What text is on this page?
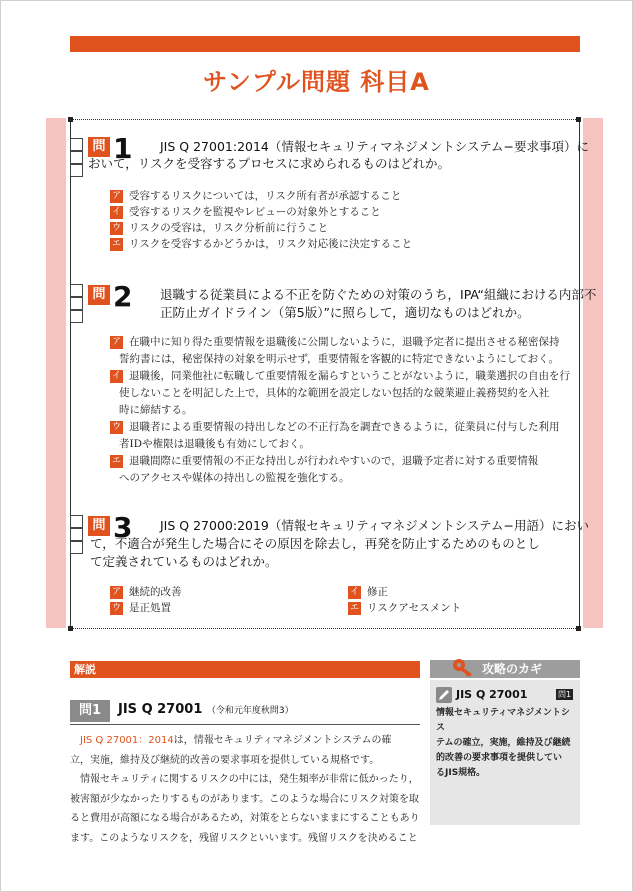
サンプル問題 科目A
問 1 JIS Q 27001:2014（情報セキュリティマネジメントシステム−要求事項）に
おいて，リスクを受容するプロセスに求められるものはどれか。
ア 受容するリスクについては，リスク所有者が承認すること
イ 受容するリスクを監視やレビューの対象外とすること
ウ リスクの受容は，リスク分析前に行うこと
エ リスクを受容するかどうかは，リスク対応後に決定すること
問 2 退職する従業員による不正を防ぐための対策のうち，IPA“組織における内部不
正防止ガイドライン（第5版）”に照らして，適切なものはどれか。
ア 在職中に知り得た重要情報を退職後に公開しないように，退職予定者に提出させる秘密保持
誓約書には，秘密保持の対象を明示せず，重要情報を客観的に特定できないようにしておく。
イ 退職後，同業他社に転職して重要情報を漏らすということがないように，職業選択の自由を行
使しないことを明記した上で，具体的な範囲を設定しない包括的な競業避止義務契約を入社
時に締結する。
ウ 退職者による重要情報の持出しなどの不正行為を調査できるように，従業員に付与した利用
者IDや権限は退職後も有効にしておく。
エ 退職間際に重要情報の不正な持出しが行われやすいので，退職予定者に対する重要情報
へのアクセスや媒体の持出しの監視を強化する。
問 3 JIS Q 27000:2019（情報セキュリティマネジメントシステム−用語）におい
て，不適合が発生した場合にその原因を除去し，再発を防止するためのものとし
て定義されているものはどれか。
ア 継続的改善	イ 修正
ウ 是正処置	エ リスクアセスメント
解説	攻略のカギ
JIS Q 27001	問1
情報セキュリティマネジメントシス
テムの確立，実施，維持及び継続
的改善の要求事項を提供してい
るJIS規格。
問1	JIS Q 27001 （令和元年度秋問3）
　JIS Q 27001：2014は，情報セキュリティマネジメントシステムの確
立，実施，維持及び継続的改善の要求事項を提供している規格です。
　情報セキュリティに関するリスクの中には，発生頻率が非常に低かったり，
被害額が少なかったりするものがあります。このような場合にリスク対策を取
ると費用が高額になる場合があるため，対策をとらないままにすることもあり
ます。このようなリスクを，残留リスクといいます。残留リスクを決めること
